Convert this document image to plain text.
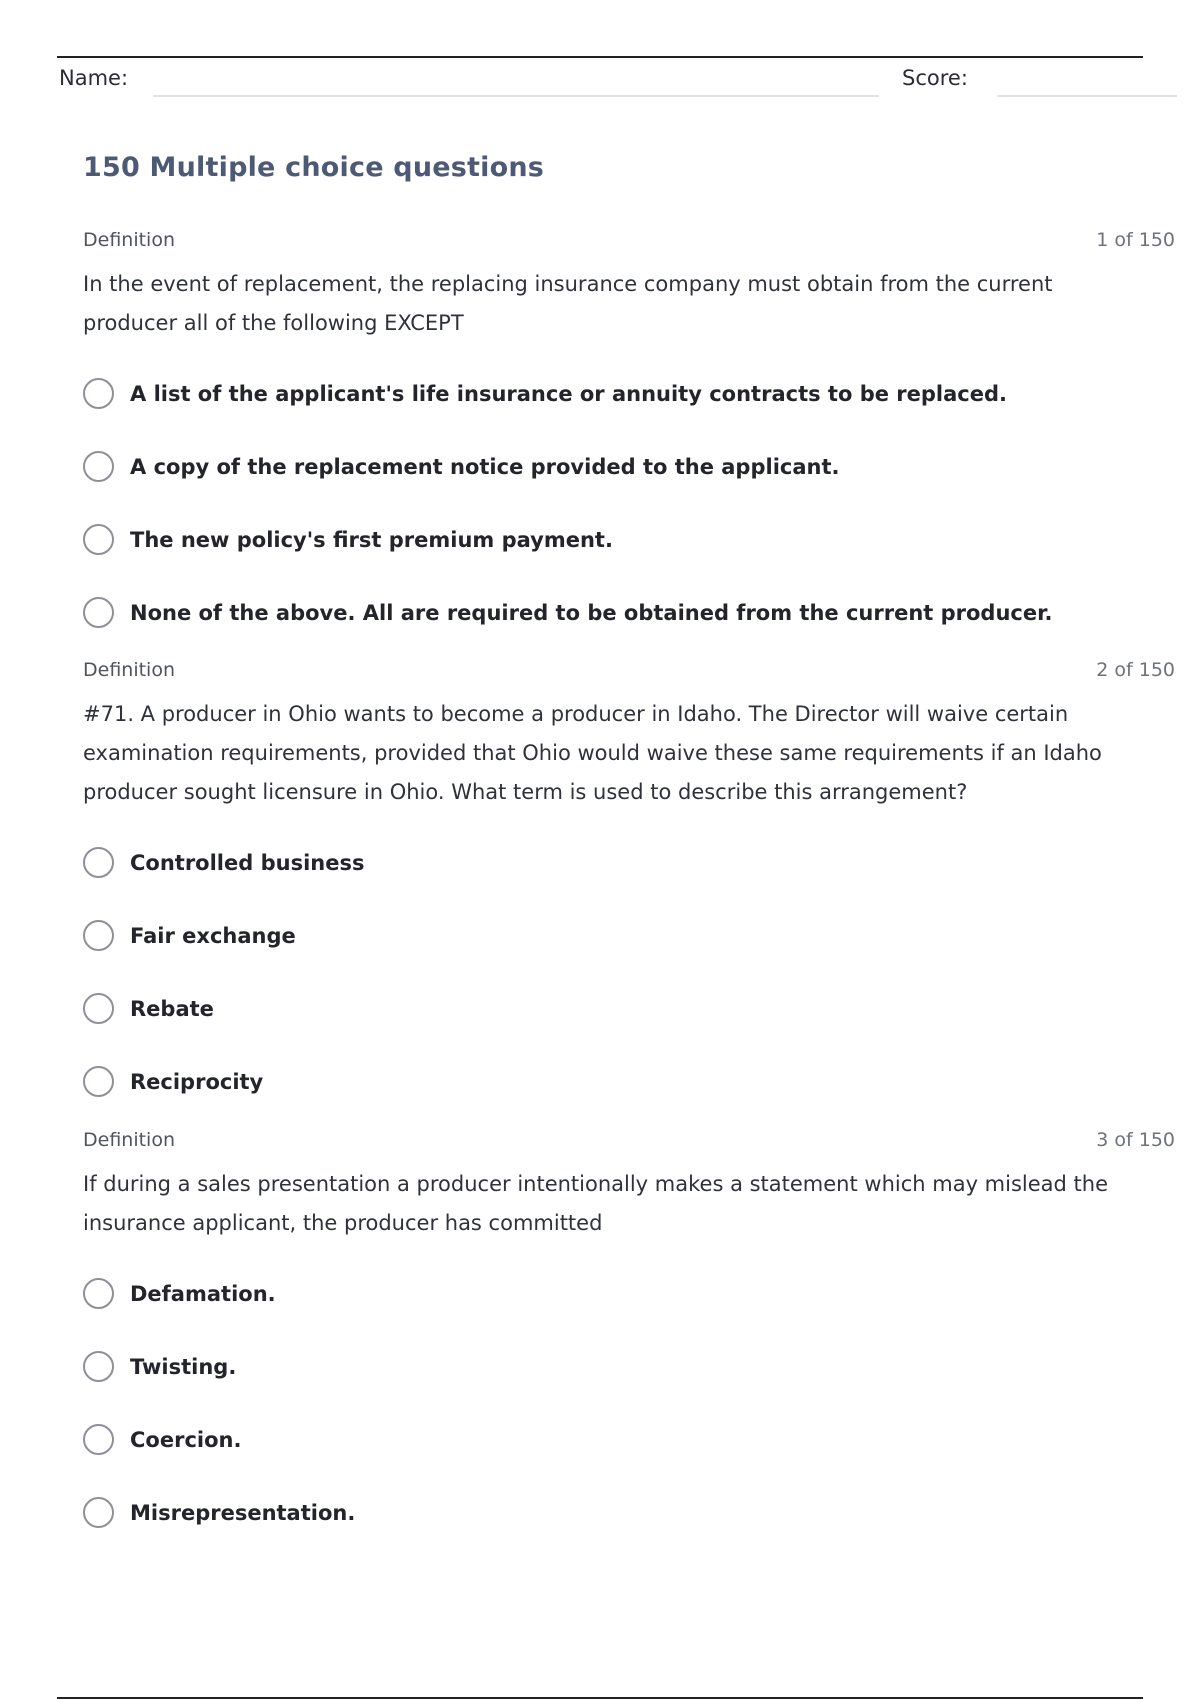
Name:	Score:
150 Multiple choice questions
Definition	1 of 150
In the event of replacement, the replacing insurance company must obtain from the current producer all of the following EXCEPT
A list of the applicant's life insurance or annuity contracts to be replaced.
A copy of the replacement notice provided to the applicant.
The new policy's first premium payment.
None of the above. All are required to be obtained from the current producer.
Definition	2 of 150
#71. A producer in Ohio wants to become a producer in Idaho. The Director will waive certain examination requirements, provided that Ohio would waive these same requirements if an Idaho producer sought licensure in Ohio. What term is used to describe this arrangement?
Controlled business
Fair exchange
Rebate
Reciprocity
Definition	3 of 150
If during a sales presentation a producer intentionally makes a statement which may mislead the insurance applicant, the producer has committed
Defamation.
Twisting.
Coercion.
Misrepresentation.
